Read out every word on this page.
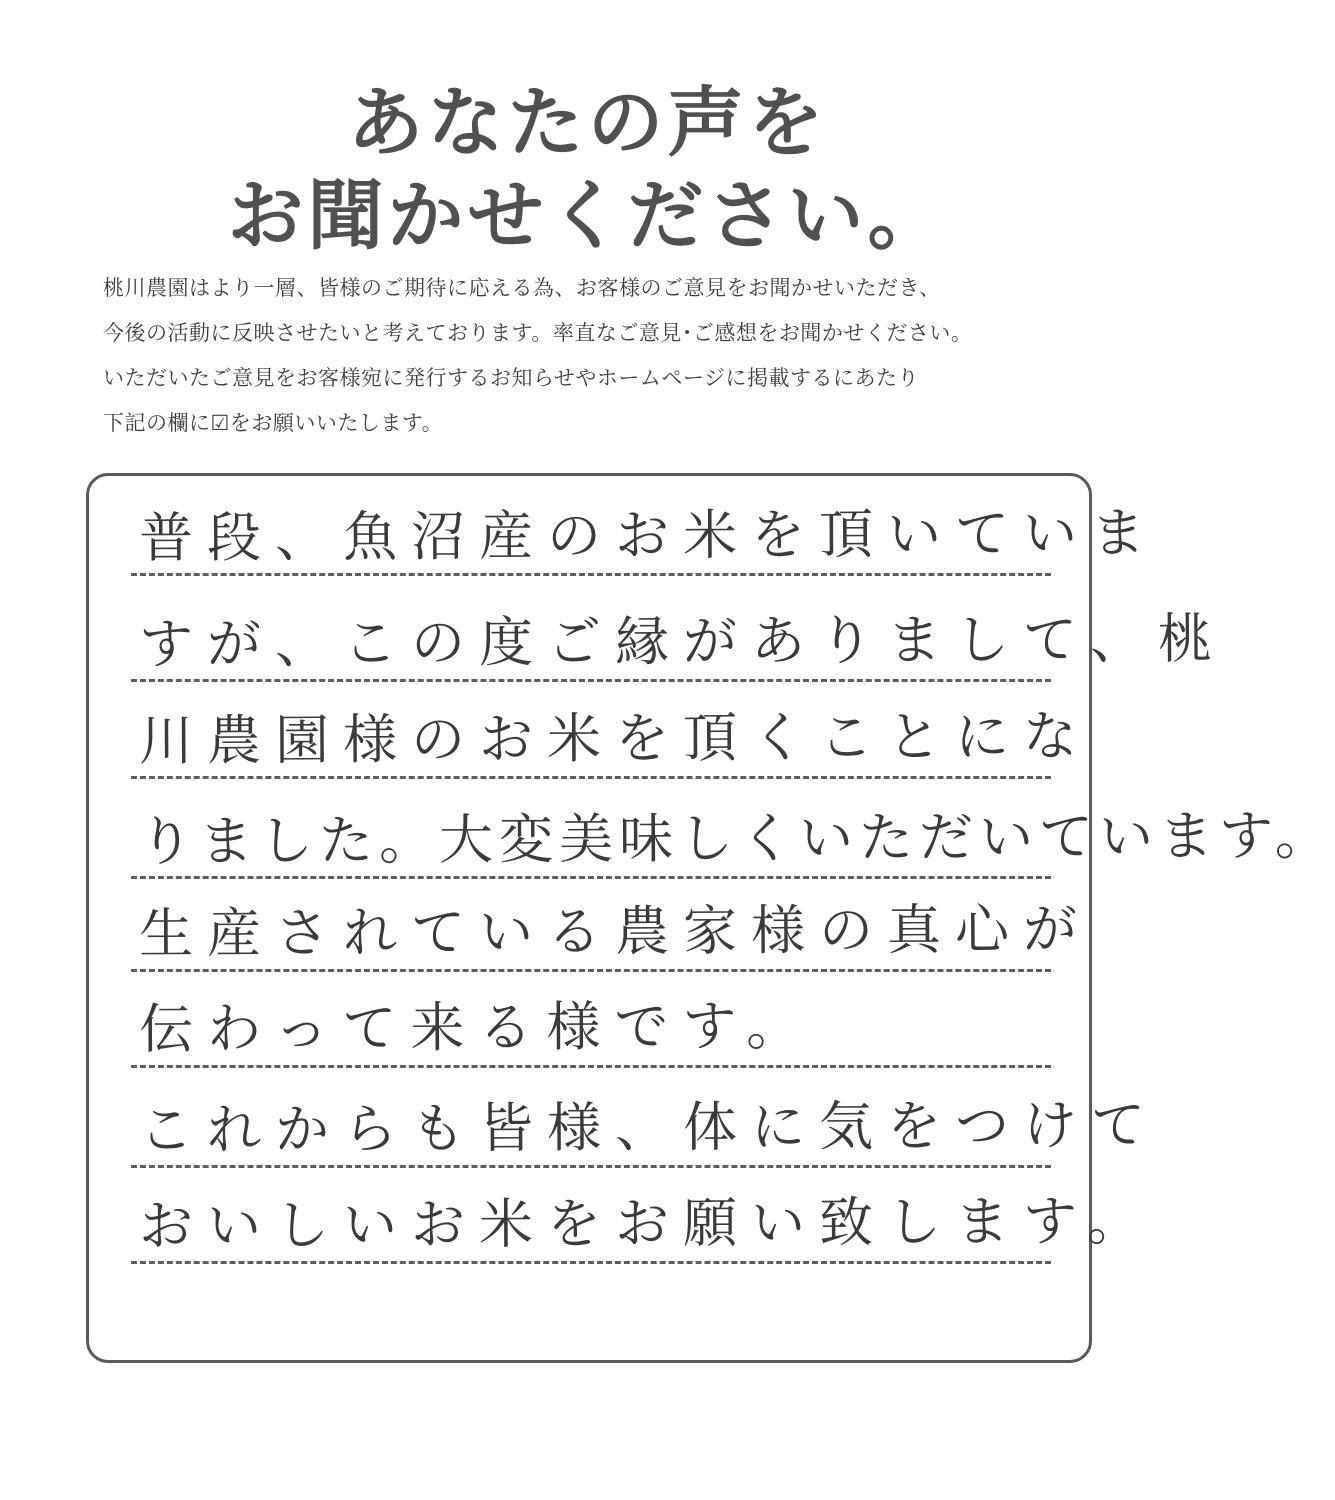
あなたの声を
お聞かせください。

桃川農園はより一層、皆様のご期待に応える為、お客様のご意見をお聞かせいただき、

今後の活動に反映させたいと考えております。率直なご意見･ご感想をお聞かせください。

いただいたご意見をお客様宛に発行するお知らせやホームページに掲載するにあたり

下記の欄に☑をお願いいたします。

普段、魚沼産のお米を頂いていま
すが、この度ご縁がありまして、桃
川農園様のお米を頂くことにな
りました。大変美味しくいただいています。
生産されている農家様の真心が
伝わって来る様です。
これからも皆様、体に気をつけて
おいしいお米をお願い致します。
